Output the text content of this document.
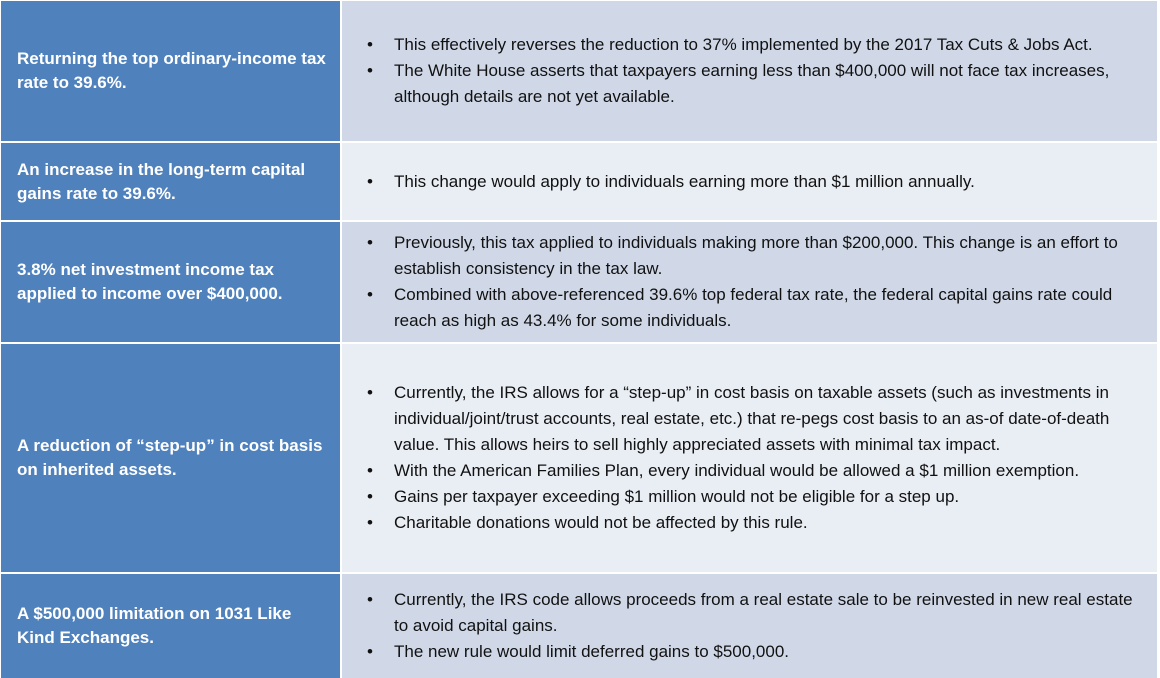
Returning the top ordinary-income tax rate to 39.6%.
• This effectively reverses the reduction to 37% implemented by the 2017 Tax Cuts & Jobs Act.
• The White House asserts that taxpayers earning less than $400,000 will not face tax increases, although details are not yet available.
An increase in the long-term capital gains rate to 39.6%.
• This change would apply to individuals earning more than $1 million annually.
3.8% net investment income tax applied to income over $400,000.
• Previously, this tax applied to individuals making more than $200,000. This change is an effort to establish consistency in the tax law.
• Combined with above-referenced 39.6% top federal tax rate, the federal capital gains rate could reach as high as 43.4% for some individuals.
A reduction of “step-up” in cost basis on inherited assets.
• Currently, the IRS allows for a “step-up” in cost basis on taxable assets (such as investments in individual/joint/trust accounts, real estate, etc.) that re-pegs cost basis to an as-of date-of-death value. This allows heirs to sell highly appreciated assets with minimal tax impact.
• With the American Families Plan, every individual would be allowed a $1 million exemption.
• Gains per taxpayer exceeding $1 million would not be eligible for a step up.
• Charitable donations would not be affected by this rule.
A $500,000 limitation on 1031 Like Kind Exchanges.
• Currently, the IRS code allows proceeds from a real estate sale to be reinvested in new real estate to avoid capital gains.
• The new rule would limit deferred gains to $500,000.
